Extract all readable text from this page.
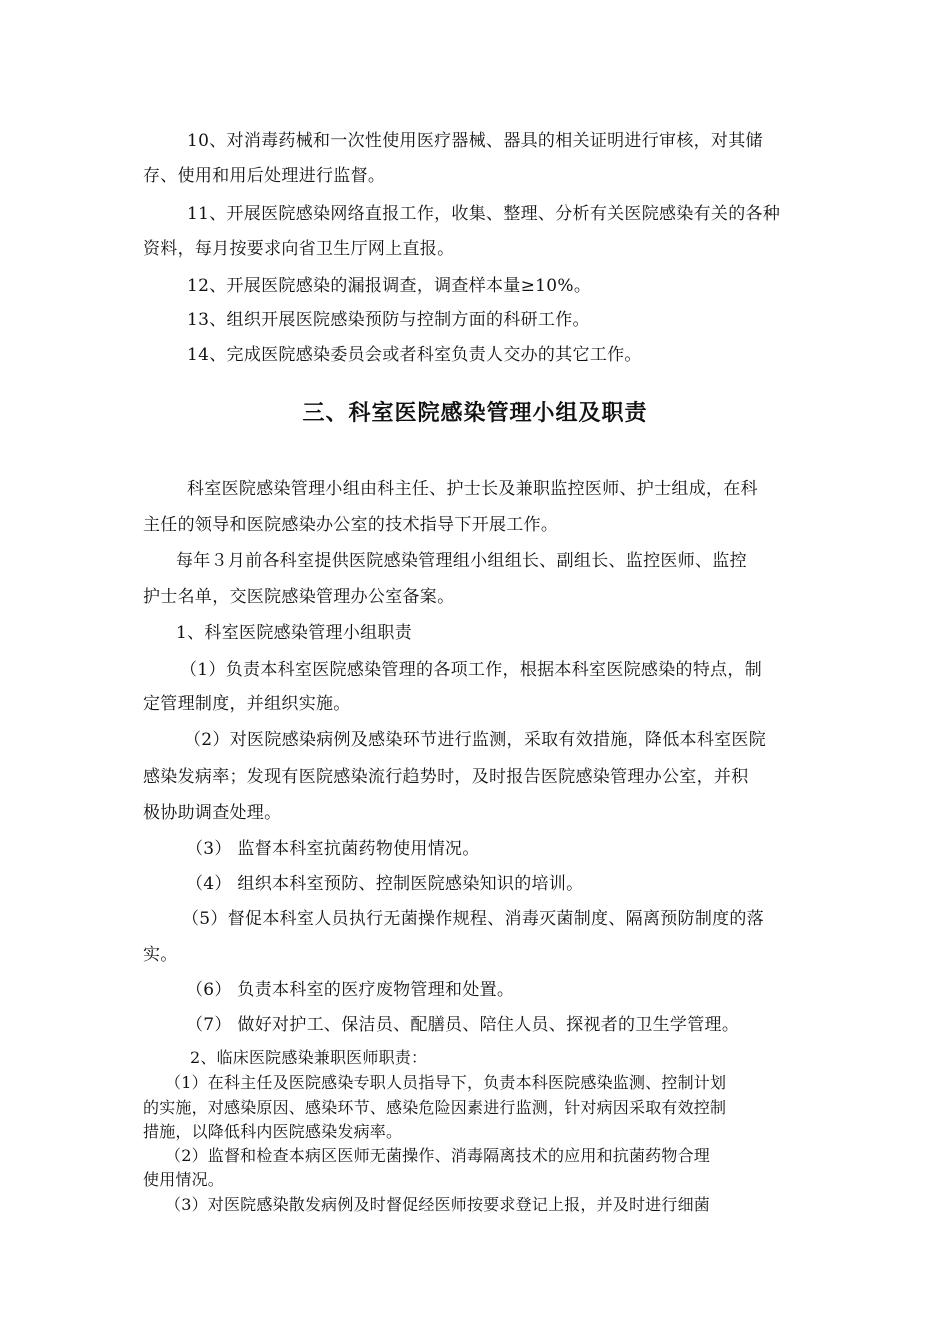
10、对消毒药械和一次性使用医疗器械、器具的相关证明进行审核，对其储
存、使用和用后处理进行监督。
11、开展医院感染网络直报工作，收集、整理、分析有关医院感染有关的各种
资料，每月按要求向省卫生厅网上直报。
12、开展医院感染的漏报调查，调查样本量≥10%。
13、组织开展医院感染预防与控制方面的科研工作。
14、完成医院感染委员会或者科室负责人交办的其它工作。
三、科室医院感染管理小组及职责
科室医院感染管理小组由科主任、护士长及兼职监控医师、护士组成，在科
主任的领导和医院感染办公室的技术指导下开展工作。
每年３月前各科室提供医院感染管理组小组组长、副组长、监控医师、监控
护士名单，交医院感染管理办公室备案。
1、科室医院感染管理小组职责
（1）负责本科室医院感染管理的各项工作，根据本科室医院感染的特点，制
定管理制度，并组织实施。
（2）对医院感染病例及感染环节进行监测，采取有效措施，降低本科室医院
感染发病率；发现有医院感染流行趋势时，及时报告医院感染管理办公室，并积
极协助调查处理。
（3） 监督本科室抗菌药物使用情况。
（4） 组织本科室预防、控制医院感染知识的培训。
（5）督促本科室人员执行无菌操作规程、消毒灭菌制度、隔离预防制度的落
实。
（6） 负责本科室的医疗废物管理和处置。
（7） 做好对护工、保洁员、配膳员、陪住人员、探视者的卫生学管理。
2、临床医院感染兼职医师职责：
（1）在科主任及医院感染专职人员指导下，负责本科医院感染监测、控制计划
的实施，对感染原因、感染环节、感染危险因素进行监测，针对病因采取有效控制
措施，以降低科内医院感染发病率。
（2）监督和检查本病区医师无菌操作、消毒隔离技术的应用和抗菌药物合理
使用情况。
（3）对医院感染散发病例及时督促经医师按要求登记上报，并及时进行细菌
